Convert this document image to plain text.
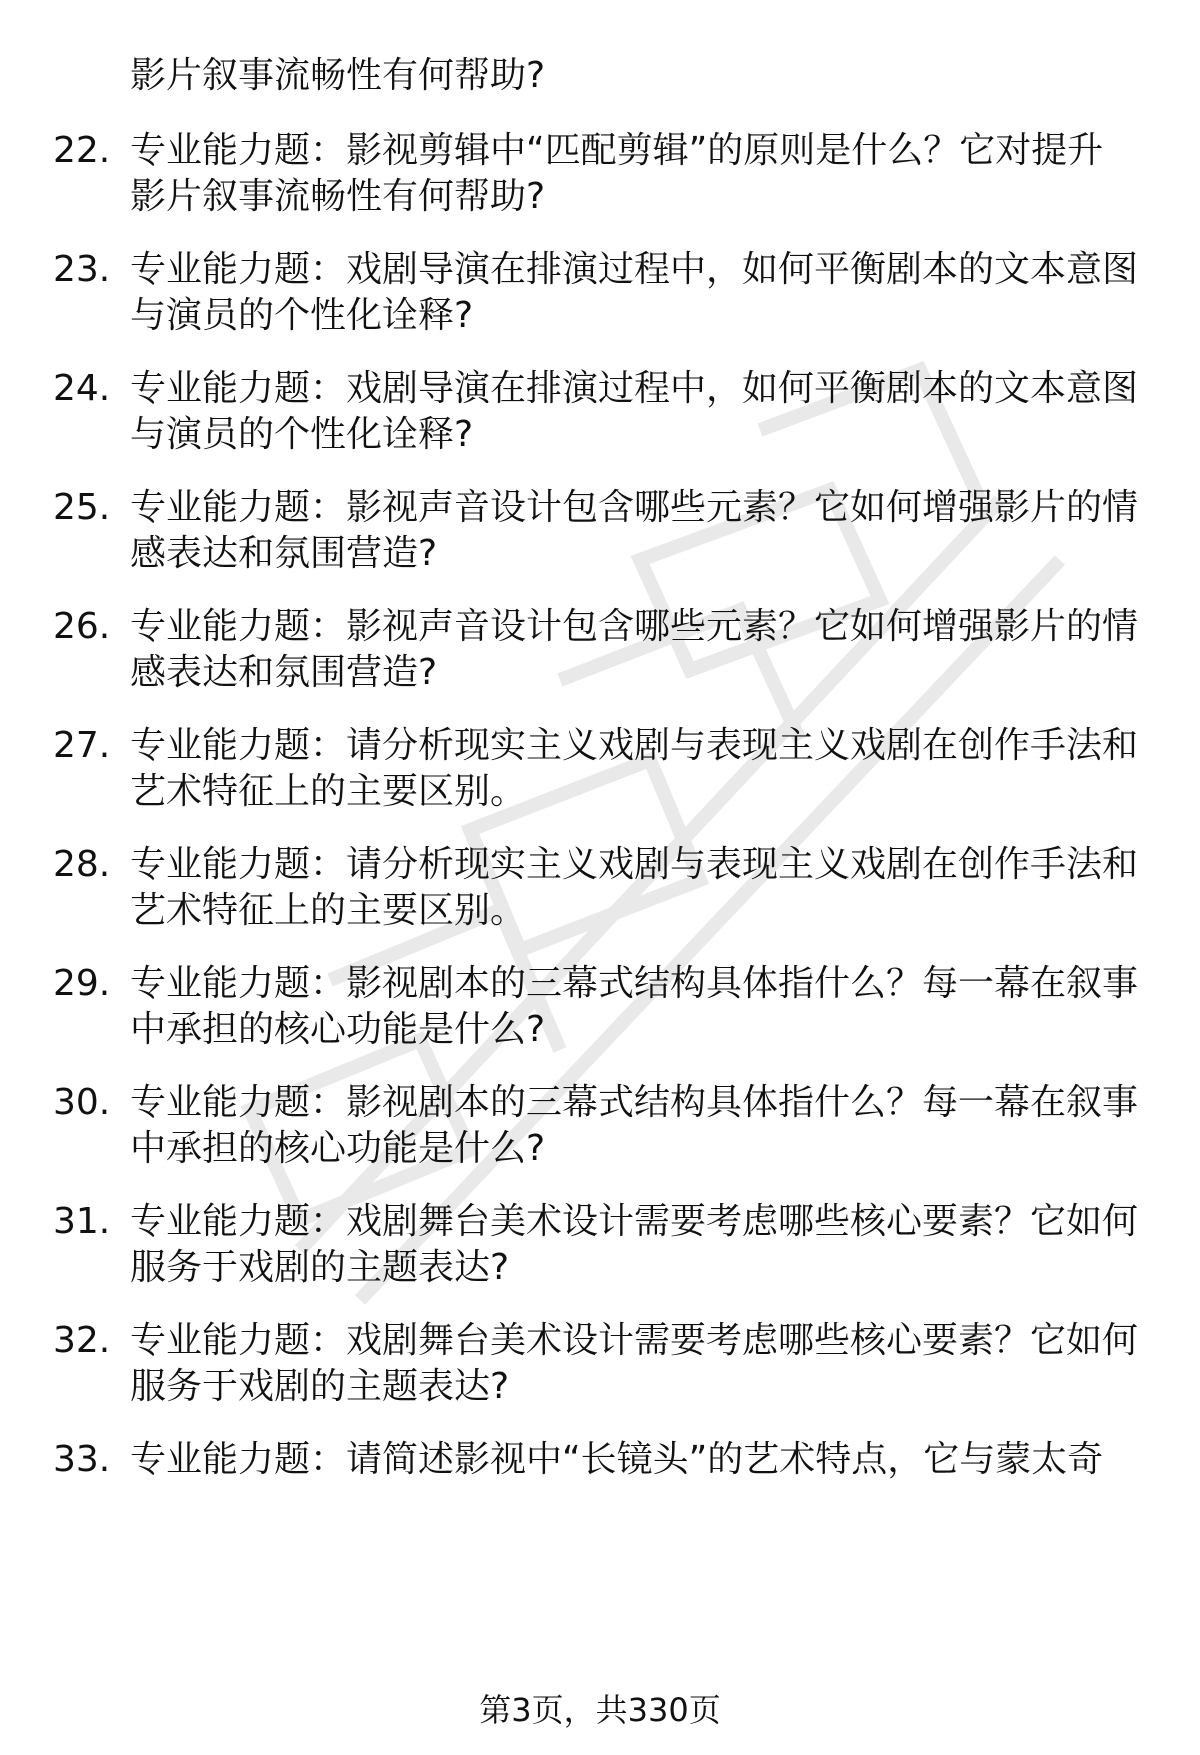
影片叙事流畅性有何帮助?
22. 专业能力题：影视剪辑中“匹配剪辑”的原则是什么？它对提升
影片叙事流畅性有何帮助?
23. 专业能力题：戏剧导演在排演过程中，如何平衡剧本的文本意图
与演员的个性化诠释?
24. 专业能力题：戏剧导演在排演过程中，如何平衡剧本的文本意图
与演员的个性化诠释?
25. 专业能力题：影视声音设计包含哪些元素？它如何增强影片的情
感表达和氛围营造?
26. 专业能力题：影视声音设计包含哪些元素？它如何增强影片的情
感表达和氛围营造?
27. 专业能力题：请分析现实主义戏剧与表现主义戏剧在创作手法和
艺术特征上的主要区别。
28. 专业能力题：请分析现实主义戏剧与表现主义戏剧在创作手法和
艺术特征上的主要区别。
29. 专业能力题：影视剧本的三幕式结构具体指什么？每一幕在叙事
中承担的核心功能是什么?
30. 专业能力题：影视剧本的三幕式结构具体指什么？每一幕在叙事
中承担的核心功能是什么?
31. 专业能力题：戏剧舞台美术设计需要考虑哪些核心要素？它如何
服务于戏剧的主题表达?
32. 专业能力题：戏剧舞台美术设计需要考虑哪些核心要素？它如何
服务于戏剧的主题表达?
33. 专业能力题：请简述影视中“长镜头”的艺术特点，它与蒙太奇
第3页，共330页
